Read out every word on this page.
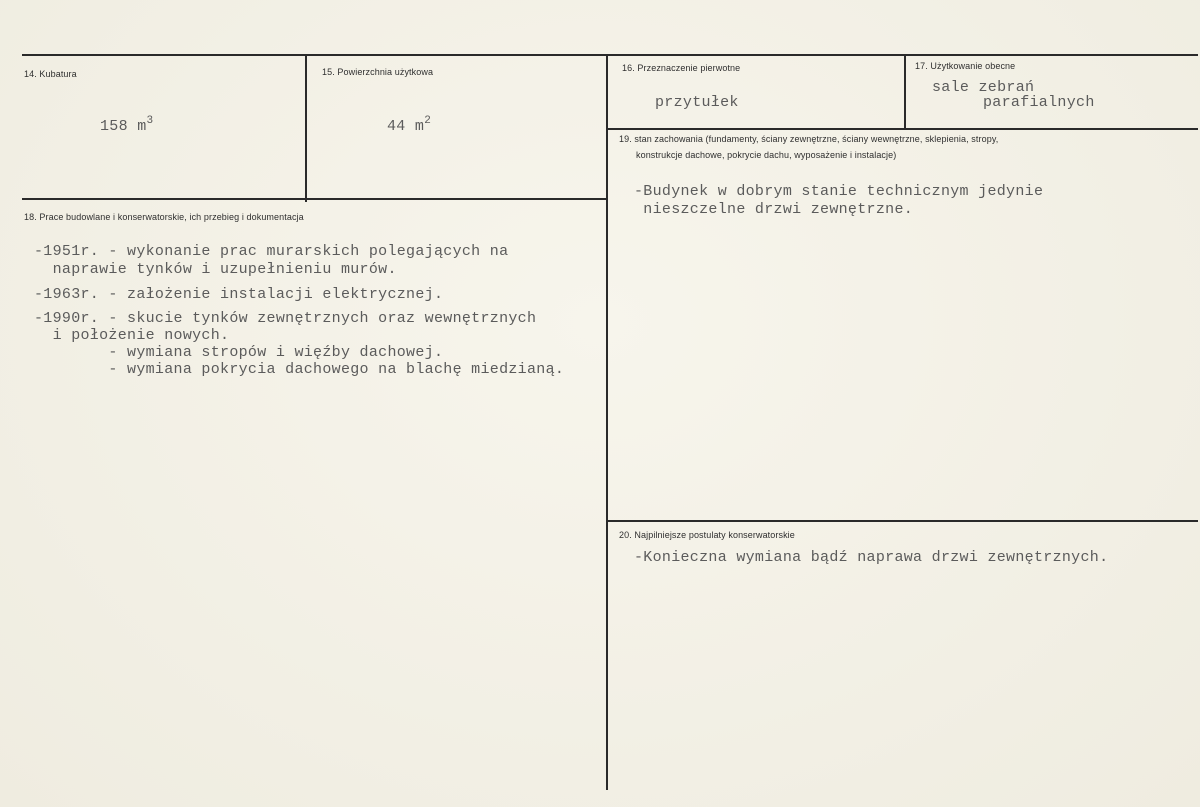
14. Kubatura
158 $m^3$
15. Powierzchnia użytkowa
44 $m^2$
16. Przeznaczenie pierwotne
przytułek
17. Użytkowanie obecne
sale zebrań
parafialnych
18. Prace budowlane i konserwatorskie, ich przebieg i dokumentacja
-1951r. - wykonanie prac murarskich polegających na
naprawie tynków i uzupełnieniu murów.
-1963r. - założenie instalacji elektrycznej.
-1990r. - skucie tynków zewnętrznych oraz wewnętrznych
i położenie nowych.
- wymiana stropów i więźby dachowej.
- wymiana pokrycia dachowego na blachę miedzianą.
19. stan zachowania (fundamenty, ściany zewnętrzne, ściany wewnętrzne, sklepienia, stropy,
konstrukcje dachowe, pokrycie dachu, wyposażenie i instalacje)
-Budynek w dobrym stanie technicznym jedynie
nieszczelne drzwi zewnętrzne.
20. Najpilniejsze postulaty konserwatorskie
-Konieczna wymiana bądź naprawa drzwi zewnętrznych.
